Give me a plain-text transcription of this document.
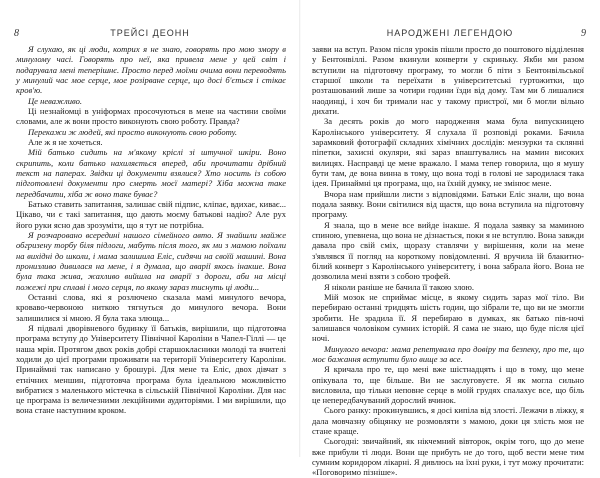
8	ТРЕЙСІ ДЕОНН

Я слухаю, як ці люди, котрих я не знаю, говорять про мою змору в минулому часі. Говорять про неї, яка привела мене у цей світ і подарувала мені теперішнє. Просто перед моїми очима вони переводять у минулий час мое серце, мое розірване серце, що досі б'ється і стікає кров'ю.

Це неважливо.

Ці незнайомці в уніформах просочуються в мене на частини своїми словами, але ж вони просто виконують свою роботу. Правда?

Перекажи ж людей, які просто виконують свою роботу.

Але ж я не хочеться.

Мій батько сидить на м'якому кріслі зі штучної шкіри. Воно скрипить, коли батько нахиляється вперед, аби прочитати дрібний текст на паперах. Звідки ці документи взялися? Хто носить із собою підготовлені документи про смерть моєї матері? Хіба можна таке передбачити, хіба ж воно таке буває?

Батько ставить запитання, залишає свій підпис, кліпає, вдихає, киває... Цікаво, чи є такі запитання, що дають моєму батькові надію? Але рух його руки ясно дав зрозуміти, що я тут не потрібна.

Я розчаровано всередині нашого сімейного авто. Я знайшли майже обгризену торбу біля підлоги, мабуть після того, як ми з мамою поїхали на вихідні до школи, і мама залишила Еліс, сидячи на своїй машині. Вона пронизливо дивилася на мене, і я думала, що аварії якось інакше. Вона була така жива, жахливо вийшла на аварії з дороги, аби на місці пожежі при сплаві і мого серця, по якому зараз тиснуть ці люди...

Останні слова, які я розлючено сказала мамі минулого вечора, кроваво-червоною ниткою тягнуться до минулого вечора. Вони залишилися зі мною. Я була така злюща...

Я підвалі дворівневого будинку її батьків, вирішили, що підготовча програма вступу до Університету Північної Кароліни в Чапел-Гіллі — це наша мрія. Протягом двох років добрі старшокласники молоді та вчителі ходили до цієї програми проживати на території Університету Кароліни. Принаймні так написано у брошурі. Для мене та Еліс, двох дівчат з етнічних меншин, підготовча програма була ідеальною можливістю вибратися з маленького містечка в сільській Північної Кароліни. Для нас це програма із величезними лекційними аудиторіями. І ми вирішили, що вона стане наступним кроком.

НАРОДЖЕНІ ЛЕГЕНДОЮ	9

заяви на вступ. Разом після уроків пішли просто до поштового відділення у Бентонвіллі. Разом вкинули конверти у скриньку. Якби ми разом вступили на підготовчу програму, то могли б піти з Бентонвільської старшої школи та переїхати в університетські гуртожитки, що розташований лише за чотири години їзди від дому. Там ми б лишалися наодинці, і хоч би тримали нас у такому пристрої, ми б могли вільно дихати.

За десять років до мого народження мама була випускницею Каролінського університету. Я слухала її розповіді роками. Бачила зарамковий фотографії складних хімічних дослідів: мензурки та склянні піпетки, захисні окуляри, які зараз впаштувались на мамин високих вилицях. Насправді це мене вражало. І мама тепер говорила, що я мушу бути там, де вона винна в тому, що вона тоді в голові не зародилася така ідея. Принаймні ця програма, що, на їхній думку, не змінює мене.

Вчора нам прийшли листи з відповідями. Батьки Еліс знали, що вона подала заявку. Вони світилися від щастя, що вона вступила на підготовчу програму.

Я знала, що в мене все вийде інакше. Я подала заявку за маминою спиною, упевнена, що вона не дізнається, поки я не вступлю. Вона завжди давала про свій сміх, щоразу ставлячи у вирішення, коли на мене з'являвся її погляд на короткому повідомленні. Я вручила їй блакитно-білий конверт з Каролінського університету, і вона забрала його. Вона не дозволила мені взяти з собою трофей.

Я ніколи раніше не бачила її такою злою.

Мій мозок не сприймає місце, в якому сидить зараз мої тіло. Ви перебираю останні тридцять шість годин, що зібрали те, що ви не змогли зробити. Не зрадила її. Я перебираю в думках, як батько пів-ночі залишався чоловіком сумних історій. Я сама не знаю, що буде після цієї ночі.

Минулого вечора: мама репетувала про довіру та безпеку, про те, що моє бажання вступити було вище за все.

Я кричала про те, що мені вже шістнадцять і що в тому, що мене опікувала то, ще більше. Ви не заслуговуєте. Я як могла сильно висловила, що тільки неповне серце в моїй грудях спалахує все, що біль це непередбачуваний дорослий вчинок.

Сього ранку: прокинувшись, я досі кипіла від злості. Лежачи в ліжку, я дала мовчазну обіцянку не розмовляти з мамою, доки ця злість моя не стане краще.

Сьогодні: звичайний, як нікчемний вівторок, окрім того, що до мене вже прибули ті люди. Вони ще прибуть не до того, щоб вести мене тим сумним коридором лікарні. Я дивлюсь на їхні руки, і тут можу прочитати: «Поговоримо пізніше».
